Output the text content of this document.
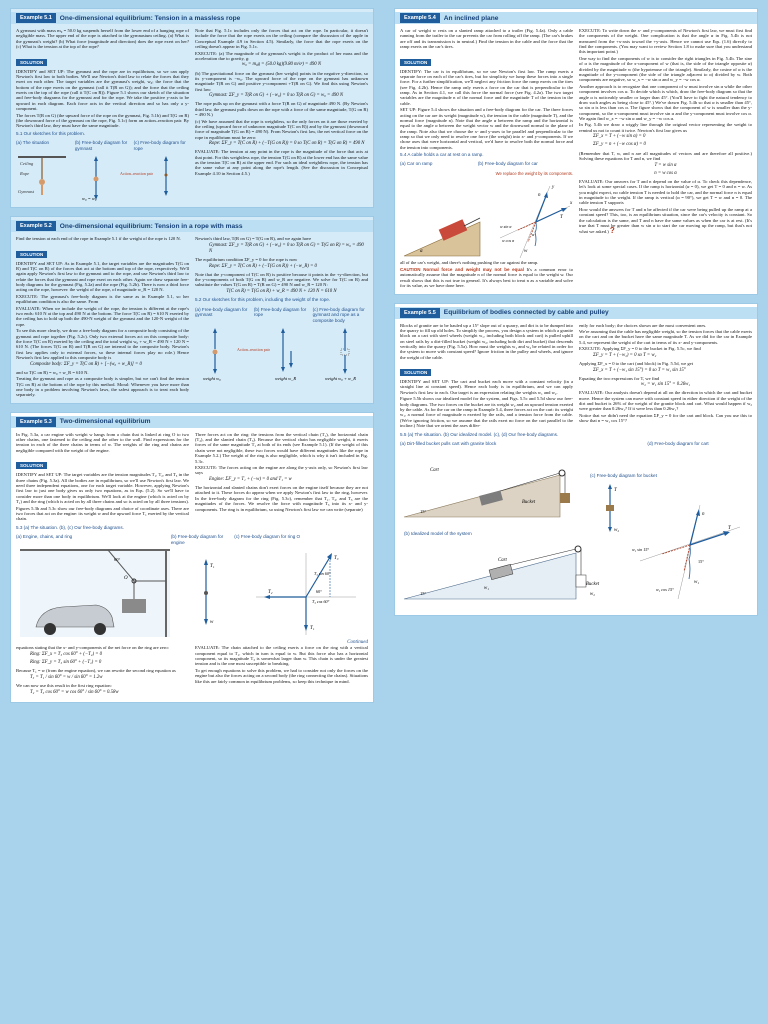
Example 5.1	One-dimensional equilibrium: Tension in a massless rope

A gymnast with mass m₀ = 50.0 kg suspends herself from the lower end of a hanging rope of negligible mass. The upper end of the rope is attached to the gymnasium ceiling. (a) What is the gymnast's weight? (b) What force (magnitude and direction) does the rope exert on her? (c) What is the tension at the top of the rope?

SOLUTION

IDENTIFY and SET UP: The gymnast and the rope are in equilibrium, so we can apply Newton's first law to both bodies. We'll use Newton's third law to relate the forces that they exert on each other. The target variables are the gymnast's weight, w₀; the force that the bottom of the rope exerts on the gymnast (call it T(R on G)); and the force that the ceiling exerts on the top of the rope (call it T(C on R)). Figure 5.1 shows our sketch of the situation and free-body diagrams for the gymnast and for the rope. We take the positive y-axis to be upward in each diagram. Each force acts in the vertical direction and so has only a y-component.

The forces T(R on G) (the upward force of the rope on the gymnast, Fig. 5.1b) and T(G on R) (the downward force of the gymnast on the rope, Fig. 5.1c) form an action–reaction pair. By Newton's third law, they must have the same magnitude.

5.1 Our sketches for this problem.
(a) The situation	(b) Free-body diagram for gymnast
(c) Free-body diagram for rope
Ceiling
Rope
Gymnast
w₀ = w₀
Action–reaction pair

Note that Fig. 5.1c includes only the forces that act on the rope. In particular, it doesn't include the force that the rope exerts on the ceiling (compare the discussion of the apple in Conceptual Example 4.9 in Section 4.5). Similarly, the force that the rope exerts on the ceiling doesn't appear in Fig. 5.1c.

EXECUTE: (a) The magnitude of the gymnast's weight is the product of her mass and the acceleration due to gravity, g:

w₀ = m₀g = (50.0 kg)(9.80 m/s²) = 490 N

(b) The gravitational force on the gymnast (her weight) points in the negative y-direction, so its y-component is −w₀. The upward force of the rope on the gymnast has unknown magnitude T(R on G) and positive y-component +T(R on G). We find this using Newton's first law:

Gymnast: ΣF_y = T(R on G) + (−w₀) = 0 so T(R on G) = w₀ = 490 N

The rope pulls up on the gymnast with a force T(R on G) of magnitude 490 N. (By Newton's third law, the gymnast pulls down on the rope with a force of the same magnitude, T(G on R) = 490 N.)

(c) We have assumed that the rope is weightless, so the only forces on it are those exerted by the ceiling (upward force of unknown magnitude T(C on R)) and by the gymnast (downward force of magnitude T(G on R) = 490 N). From Newton's first law, the net vertical force on the rope in equilibrium must be zero:

Rope: ΣF_y = T(C on R) + (−T(G on R)) = 0 so T(C on R) = T(G on R) = 490 N

EVALUATE: The tension at any point in the rope is the magnitude of the force that acts at that point. For this weightless rope, the tension T(G on R) at the lower end has the same value as the tension T(C on R) at the upper end. For such an ideal weightless rope, the tension has the same value at any point along the rope's length. (See the discussion in Conceptual Example 4.10 in Section 4.5.)

Example 5.2	One-dimensional equilibrium: Tension in a rope with mass

Find the tension at each end of the rope in Example 5.1 if the weight of the rope is 120 N.

SOLUTION

IDENTIFY and SET UP: As in Example 5.1, the target variables are the magnitudes T(G on R) and T(C on R) of the forces that act at the bottom and top of the rope, respectively. We'll again apply Newton's first law to the gymnast and to the rope, and use Newton's third law to relate the forces that the gymnast and rope exert on each other. Again we draw separate free-body diagrams for the gymnast (Fig. 5.2a) and the rope (Fig. 5.2b). There is now a third force acting on the rope, however: the weight of the rope, of magnitude w_R = 120 N.

EXECUTE: The gymnast's free-body diagram is the same as in Example 5.1, so her equilibrium condition is also the same. From

EVALUATE: When we include the weight of the rope, the tension is different at the rope's two ends: 610 N at the top and 490 N at the bottom. The force T(C on R) = 610 N exerted by the ceiling has to hold up both the 490-N weight of the gymnast and the 120-N weight of the rope.

To see this more clearly, we draw a free-body diagram for a composite body consisting of the gymnast and rope together (Fig. 5.2c). Only two external forces act on this composite body: the force T(C on R) exerted by the ceiling and the total weight w₀ + w_R = 490 N + 120 N = 610 N. (The forces T(G on R) and T(R on G) are internal to the composite body. Newton's first law applies only to external forces, so these internal forces play no role.) Hence Newton's first law applied to this composite body is

Composite body: ΣF_y = T(C on R) + [−(w₀ + w_R)] = 0

and so T(C on R) = w₀ + w_R = 610 N.

Treating the gymnast and rope as a composite body is simpler, but we can't find the tension T(G on R) at the bottom of the rope by this method. Moral: Whenever you have more than one body in a problem involving Newton's laws, the safest approach is to treat each body separately.

Newton's third law, T(R on G) = T(G on R), and we again have

Gymnast: ΣF_y = T(R on G) + (−w₀) = 0 so T(R on G) = T(G on R) = w₀ = 490 N

The equilibrium condition ΣF_y = 0 for the rope is now

Rope: ΣF_y = T(C on R) + (−T(G on R)) + (−w_R) = 0

Note that the y-component of T(C on R) is positive because it points in the +y-direction, but the y-components of both T(G on R) and w_R are negative. We solve for T(C on R) and substitute the values T(G on R) = T(R on G) = 490 N and w_R = 120 N:

T(C on R) = T(G on R) + w_R = 490 N + 120 N = 610 N
5.2 Our sketches for this problem, including the weight of the rope.
(a) Free-body diagram for gymnast
(b) Free-body diagram for rope
(c) Free-body diagram for gymnast and rope as a composite body
weight w₀
Action–reaction pair
weight w_R	weight w₀ + w_R
Example 5.3	Two-dimensional equilibrium

In Fig. 5.3a, a car engine with weight w hangs from a chain that is linked at ring O to two other chains, one fastened to the ceiling and the other to the wall. Find expressions for the tension in each of the three chains in terms of w. The weights of the ring and chains are negligible compared with the weight of the engine.

SOLUTION

IDENTIFY and SET UP: The target variables are the tension magnitudes T₁, T₂, and T₃ in the three chains (Fig. 5.3a). All the bodies are in equilibrium, so we'll use Newton's first law. We need three independent equations, one for each target variable. However, applying Newton's first law to just one body gives us only two equations, as in Eqs. (5.2). So we'll have to consider more than one body in equilibrium. We'll look at the engine (which is acted on by T₁) and the ring (which is acted on by all three chains and so is acted on by all three tensions).

Figures 5.3b and 5.3c show our free-body diagrams and choice of coordinate axes. There are two forces that act on the engine: its weight w and the upward force T₁ exerted by the vertical chain.

Three forces act on the ring: the tensions from the vertical chain (T₁), the horizontal chain (T₂), and the slanted chain (T₃). Because the vertical chain has negligible weight, it exerts forces of the same magnitude T₁ at both of its ends (see Example 5.1). (If the weight of this chain were not negligible, these two forces would have different magnitudes like the rope in Example 5.2.) The weight of the ring is also negligible, which is why it isn't included in Fig. 5.3c.

EXECUTE: The forces acting on the engine are along the y-axis only, so Newton's first law says

Engine: ΣF_y = T₁ + (−w) = 0 and T₁ = w

The horizontal and slanted chains don't exert forces on the engine itself because they are not attached to it. These forces do appear when we apply Newton's first law to the ring, however. In the free-body diagram for the ring (Fig. 5.3c), remember that T₁, T₂, and T₃ are the magnitudes of the forces. We resolve the force with magnitude T₃ into its x- and y-components. The ring is in equilibrium, so using Newton's first law we can write (separate)

5.3 (a) The situation. (b), (c) Our free-body diagrams.
(a) Engine, chains, and ring	(b) Free-body diagram for engine
(c) Free-body diagram for ring O
O
60°
T₁
w
T₃
T₃ sin 60°
T₃ cos 60°
T₂
T₁
60°
Continued

equations stating that the x- and y-components of the net force on the ring are zero:

Ring: ΣF_x = T₃ cos 60° + (−T₂) = 0
Ring: ΣF_y = T₃ sin 60° + (−T₁) = 0

Because T₁ = w (from the engine equation), we can rewrite the second ring equation as

T₃ = T₁ / sin 60° = w / sin 60° = 1.2w

We can now use this result in the first ring equation:

T₂ = T₃ cos 60° = w cos 60° / sin 60° = 0.58w

EVALUATE: The chain attached to the ceiling exerts a force on the ring with a vertical component equal to T₁, which in turn is equal to w. But this force also has a horizontal component, so its magnitude T₃ is somewhat larger than w. This chain is under the greatest tension and is the one most susceptible to breaking.

To get enough equations to solve this problem, we had to consider not only the forces on the engine but also the forces acting on a second body (the ring connecting the chains). Situations like this are fairly common in equilibrium problems, so keep this technique in mind.

Example 5.4	An inclined plane

A car of weight w rests on a slanted ramp attached to a trailer (Fig. 5.4a). Only a cable running from the trailer to the car prevents the car from rolling off the ramp. (The car's brakes are off and its transmission is in neutral.) Find the tension in the cable and the force that the ramp exerts on the car's tires.

SOLUTION

IDENTIFY: The car is in equilibrium, so we use Newton's first law. The ramp exerts a separate force on each of the car's tires, but for simplicity we lump these forces into a single force. For a further simplification, we'll neglect any friction force the ramp exerts on the tires (see Fig. 4.2b). Hence the ramp only exerts a force on the car that is perpendicular to the ramp. As in Section 4.1, we call this force the normal force (see Fig. 4.2a). The two target variables are the magnitude n of the normal force and the magnitude T of the tension in the cable.

SET UP: Figure 5.4 shows the situation and a free-body diagram for the car. The three forces acting on the car are its weight (magnitude w), the tension in the cable (magnitude T), and the normal force (magnitude n). Note that the angle α between the ramp and the horizontal is equal to the angle α between the weight vector w and the downward normal to the plane of the ramp. Note also that we choose the x- and y-axes to be parallel and perpendicular to the ramp so that we only need to resolve one force (the weight) into x- and y-components. If we chose axes that were horizontal and vertical, we'd have to resolve both the normal force and the tension into components.

5.4 A cable holds a car at rest on a ramp.
(a) Car on ramp	(b) Free-body diagram for car
We replace the weight by its components.
α
x
y
T
n
w
w sin α
w cos α
α

all of the car's weight, and there's nothing pushing the car against the ramp.

CAUTION Normal force and weight may not be equal It's a common error to automatically assume that the magnitude n of the normal force is equal to the weight w. Our result shows that this is not true in general. It's always best to treat n as a variable and solve for its value, as we have done here.

EXECUTE: To write down the x- and y-components of Newton's first law, we must first find the components of the weight. One complication is that the angle α in Fig. 5.4b is not measured from the +x-axis toward the +y-axis. Hence we cannot use Eqs. (1.6) directly to find the components. (You may want to review Section 1.8 to make sure that you understand this important point.)

One way to find the components of w is to consider the right triangles in Fig. 5.4b. The sine of α is the magnitude of the x-component of w (that is, the side of the triangle opposite α) divided by the magnitude w (the hypotenuse of the triangle). Similarly, the cosine of α is the magnitude of the y-component (the side of the triangle adjacent to α) divided by w. Both components are negative, so w_x = −w sin α and w_y = −w cos α.

Another approach is to recognize that one component of w must involve sin α while the other component involves cos α. To decide which is which, draw the free-body diagram so that the angle α is noticeably smaller or larger than 45°. (You'll have to fight the natural tendency to draw such angles as being close to 45°.) We've drawn Fig. 5.4b so that α is smaller than 45°, so sin α is less than cos α. The figure shows that the component of w is smaller than the y-component, so the x-component must involve sin α and the y-component must involve cos α. We again find w_x = −w sin α and w_y = −w cos α.

In Fig. 5.4b we draw a wiggly line through the original vector representing the weight to remind us not to count it twice. Newton's first law gives us

ΣF_x = T + (−w sin α) = 0
ΣF_y = n + (−w cos α) = 0

(Remember that T, w, and n are all magnitudes of vectors and are therefore all positive.) Solving these equations for T and n, we find

T = w sin α
n = w cos α

EVALUATE: Our answers for T and n depend on the value of α. To check this dependence, let's look at some special cases. If the ramp is horizontal (α = 0), we get T = 0 and n = w. As you might expect, no cable tension T is needed to hold the car, and the normal force n is equal in magnitude to the weight. If the ramp is vertical (α = 90°), we get T = w and n = 0. The cable tension T supports

How would the answers for T and n be affected if the car were being pulled up the ramp at a constant speed? This, too, is an equilibrium situation, since the car's velocity is constant. So the calculation is the same, and T and n have the same values as when the car is at rest. (It's true that T must be greater than w sin α to start the car moving up the ramp, but that's not what we asked.) ?

Example 5.5	Equilibrium of bodies connected by cable and pulley

Blocks of granite are to be hauled up a 15° slope out of a quarry, and dirt is to be dumped into the quarry to fill up old holes. To simplify the process, you design a system in which a granite block on a cart with steel wheels (weight w₁, including both block and cart) is pulled uphill on steel rails by a dirt-filled bucket (weight w₂, including both dirt and bucket) that descends vertically into the quarry (Fig. 5.5a). How must the weights w₁ and w₂ be related in order for the system to move with constant speed? Ignore friction in the pulley and wheels, and ignore the weight of the cable.

SOLUTION

IDENTIFY and SET UP: The cart and bucket each move with a constant velocity (in a straight line at constant speed). Hence each body is in equilibrium, and we can apply Newton's first law to each. Our target is an expression relating the weights w₁ and w₂.

Figure 5.5b shows our idealized model for the system, and Figs. 5.5c and 5.5d show our free-body diagrams. The two forces on the bucket are its weight w₂ and an upward tension exerted by the cable. As for the car on the ramp in Example 5.4, three forces act on the cart: its weight w₁, a normal force of magnitude n exerted by the rails, and a tension force from the cable. (We're ignoring friction, so we assume that the rails exert no force on the cart parallel to the incline.) Note that we orient the axes differ-

ently for each body; the choices shown are the most convenient ones.

We're assuming that the cable has negligible weight, so the tension forces that the cable exerts on the cart and on the bucket have the same magnitude T. As we did for the car in Example 5.4, we represent the weight of the cart in terms of its x- and y-components.

EXECUTE: Applying ΣF_y = 0 to the bucket in Fig. 5.5c, we find

ΣF_y = T + (−w₂) = 0 so T = w₂

Applying ΣF_x = 0 to the cart (and block) in Fig. 5.5d, we get

ΣF_x = T + (−w₁ sin 15°) = 0 so T = w₁ sin 15°

Equating the two expressions for T, we find

w₂ = w₁ sin 15° = 0.26w₁

EVALUATE: Our analysis doesn't depend at all on the direction in which the cart and bucket move. Hence the system can move with constant speed in either direction if the weight of the dirt and bucket is 26% of the weight of the granite block and cart. What would happen if w₂ were greater than 0.26w₁? If it were less than 0.26w₁?

Notice that we didn't need the equation ΣF_y = 0 for the cart and block. Can you use this to show that n = w₁ cos 15°?

5.5 (a) The situation. (b) Our idealized model. (c), (d) Our free-body diagrams.
(a) Dirt-filled bucket pulls cart with granite block	(d) Free-body diagram for cart
Cart
Bucket
15°
(c) Free-body diagram for bucket
T
w₂
(b) Idealized model of the system
Cart
w₁
Bucket
w₂
15°
T
n
w₁
w₁ sin 15°
w₁ cos 15°
15°
